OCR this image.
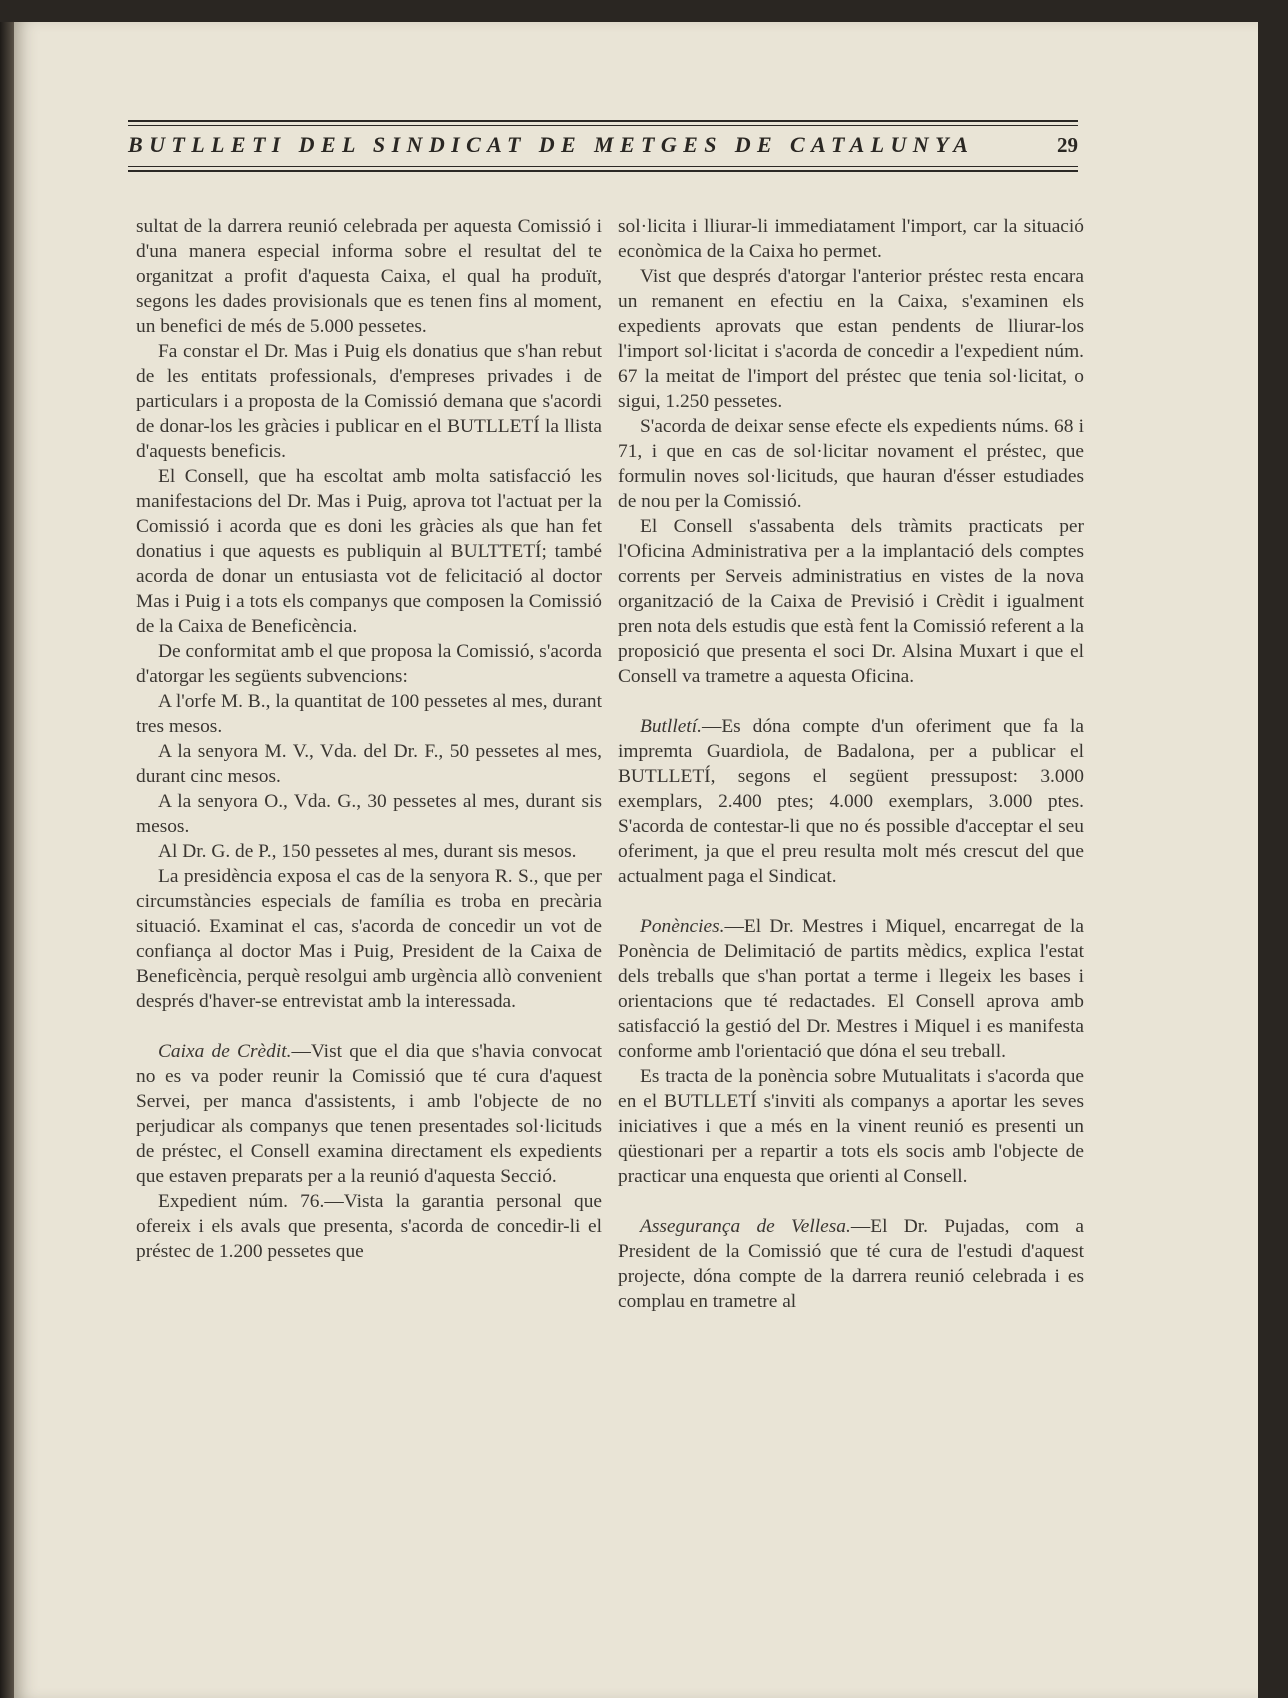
BUTLLETI DEL SINDICAT DE METGES DE CATALUNYA	29

sultat de la darrera reunió celebrada per aquesta Comissió i d'una manera especial informa sobre el resultat del te organitzat a profit d'aquesta Caixa, el qual ha produït, segons les dades provisionals que es tenen fins al moment, un benefici de més de 5.000 pessetes.

Fa constar el Dr. Mas i Puig els donatius que s'han rebut de les entitats professionals, d'empreses privades i de particulars i a proposta de la Comissió demana que s'acordi de donar-los les gràcies i publicar en el BUTLLETÍ la llista d'aquests beneficis.

El Consell, que ha escoltat amb molta satisfacció les manifestacions del Dr. Mas i Puig, aprova tot l'actuat per la Comissió i acorda que es doni les gràcies als que han fet donatius i que aquests es publiquin al BULTTETÍ; també acorda de donar un entusiasta vot de felicitació al doctor Mas i Puig i a tots els companys que composen la Comissió de la Caixa de Beneficència.

De conformitat amb el que proposa la Comissió, s'acorda d'atorgar les següents subvencions:

A l'orfe M. B., la quantitat de 100 pessetes al mes, durant tres mesos.

A la senyora M. V., Vda. del Dr. F., 50 pessetes al mes, durant cinc mesos.

A la senyora O., Vda. G., 30 pessetes al mes, durant sis mesos.

Al Dr. G. de P., 150 pessetes al mes, durant sis mesos.

La presidència exposa el cas de la senyora R. S., que per circumstàncies especials de família es troba en precària situació. Examinat el cas, s'acorda de concedir un vot de confiança al doctor Mas i Puig, President de la Caixa de Beneficència, perquè resolgui amb urgència allò convenient després d'haver-se entrevistat amb la interessada.

Caixa de Crèdit.—Vist que el dia que s'havia convocat no es va poder reunir la Comissió que té cura d'aquest Servei, per manca d'assistents, i amb l'objecte de no perjudicar als companys que tenen presentades sol·licituds de préstec, el Consell examina directament els expedients que estaven preparats per a la reunió d'aquesta Secció.

Expedient núm. 76.—Vista la garantia personal que ofereix i els avals que presenta, s'acorda de concedir-li el préstec de 1.200 pessetes que

sol·licita i lliurar-li immediatament l'import, car la situació econòmica de la Caixa ho permet.

Vist que després d'atorgar l'anterior préstec resta encara un remanent en efectiu en la Caixa, s'examinen els expedients aprovats que estan pendents de lliurar-los l'import sol·licitat i s'acorda de concedir a l'expedient núm. 67 la meitat de l'import del préstec que tenia sol·licitat, o sigui, 1.250 pessetes.

S'acorda de deixar sense efecte els expedients núms. 68 i 71, i que en cas de sol·licitar novament el préstec, que formulin noves sol·licituds, que hauran d'ésser estudiades de nou per la Comissió.

El Consell s'assabenta dels tràmits practicats per l'Oficina Administrativa per a la implantació dels comptes corrents per Serveis administratius en vistes de la nova organització de la Caixa de Previsió i Crèdit i igualment pren nota dels estudis que està fent la Comissió referent a la proposició que presenta el soci Dr. Alsina Muxart i que el Consell va trametre a aquesta Oficina.

Butlletí.—Es dóna compte d'un oferiment que fa la impremta Guardiola, de Badalona, per a publicar el BUTLLETÍ, segons el següent pressupost: 3.000 exemplars, 2.400 ptes; 4.000 exemplars, 3.000 ptes. S'acorda de contestar-li que no és possible d'acceptar el seu oferiment, ja que el preu resulta molt més crescut del que actualment paga el Sindicat.

Ponències.—El Dr. Mestres i Miquel, encarregat de la Ponència de Delimitació de partits mèdics, explica l'estat dels treballs que s'han portat a terme i llegeix les bases i orientacions que té redactades. El Consell aprova amb satisfacció la gestió del Dr. Mestres i Miquel i es manifesta conforme amb l'orientació que dóna el seu treball.

Es tracta de la ponència sobre Mutualitats i s'acorda que en el BUTLLETÍ s'inviti als companys a aportar les seves iniciatives i que a més en la vinent reunió es presenti un qüestionari per a repartir a tots els socis amb l'objecte de practicar una enquesta que orienti al Consell.

Assegurança de Vellesa.—El Dr. Pujadas, com a President de la Comissió que té cura de l'estudi d'aquest projecte, dóna compte de la darrera reunió celebrada i es complau en trametre al
